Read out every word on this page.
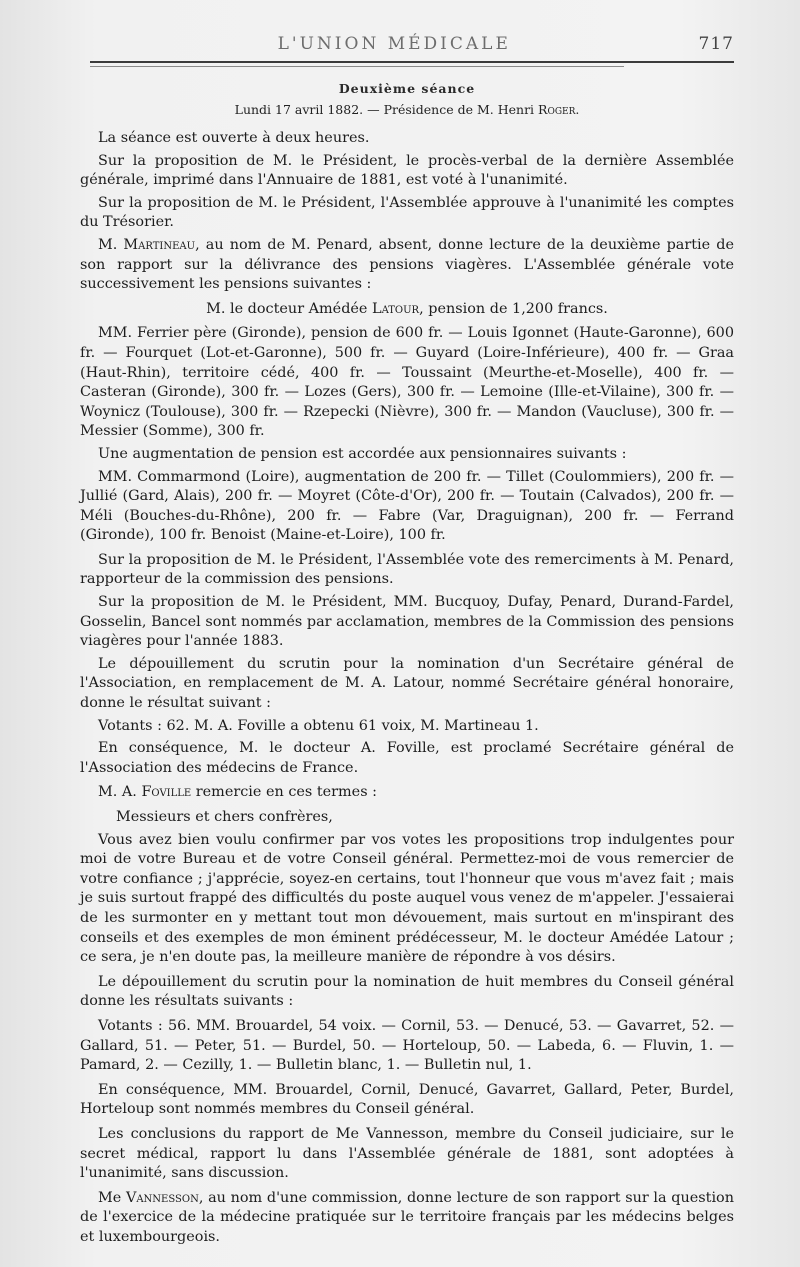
L'UNION MÉDICALE	717
Deuxième séance
Lundi 17 avril 1882. — Présidence de M. Henri Roger.

La séance est ouverte à deux heures.

Sur la proposition de M. le Président, le procès-verbal de la dernière Assemblée générale, imprimé dans l'Annuaire de 1881, est voté à l'unanimité.

Sur la proposition de M. le Président, l'Assemblée approuve à l'unanimité les comptes du Trésorier.

M. Martineau, au nom de M. Penard, absent, donne lecture de la deuxième partie de son rapport sur la délivrance des pensions viagères. L'Assemblée générale vote successivement les pensions suivantes :

M. le docteur Amédée Latour, pension de 1,200 francs.

MM. Ferrier père (Gironde), pension de 600 fr. — Louis Igonnet (Haute-Garonne), 600 fr. — Fourquet (Lot-et-Garonne), 500 fr. — Guyard (Loire-Inférieure), 400 fr. — Graa (Haut-Rhin), territoire cédé, 400 fr. — Toussaint (Meurthe-et-Moselle), 400 fr. — Casteran (Gironde), 300 fr. — Lozes (Gers), 300 fr. — Lemoine (Ille-et-Vilaine), 300 fr. — Woynicz (Toulouse), 300 fr. — Rzepecki (Nièvre), 300 fr. — Mandon (Vaucluse), 300 fr. — Messier (Somme), 300 fr.

Une augmentation de pension est accordée aux pensionnaires suivants :

MM. Commarmond (Loire), augmentation de 200 fr. — Tillet (Coulommiers), 200 fr. — Jullié (Gard, Alais), 200 fr. — Moyret (Côte-d'Or), 200 fr. — Toutain (Calvados), 200 fr. — Méli (Bouches-du-Rhône), 200 fr. — Fabre (Var, Draguignan), 200 fr. — Ferrand (Gironde), 100 fr. Benoist (Maine-et-Loire), 100 fr.

Sur la proposition de M. le Président, l'Assemblée vote des remerciments à M. Penard, rapporteur de la commission des pensions.

Sur la proposition de M. le Président, MM. Bucquoy, Dufay, Penard, Durand-Fardel, Gosselin, Bancel sont nommés par acclamation, membres de la Commission des pensions viagères pour l'année 1883.

Le dépouillement du scrutin pour la nomination d'un Secrétaire général de l'Association, en remplacement de M. A. Latour, nommé Secrétaire général honoraire, donne le résultat suivant :

Votants : 62. M. A. Foville a obtenu 61 voix, M. Martineau 1.

En conséquence, M. le docteur A. Foville, est proclamé Secrétaire général de l'Association des médecins de France.

M. A. Foville remercie en ces termes :

Messieurs et chers confrères,

Vous avez bien voulu confirmer par vos votes les propositions trop indulgentes pour moi de votre Bureau et de votre Conseil général. Permettez-moi de vous remercier de votre confiance ; j'apprécie, soyez-en certains, tout l'honneur que vous m'avez fait ; mais je suis surtout frappé des difficultés du poste auquel vous venez de m'appeler. J'essaierai de les surmonter en y mettant tout mon dévouement, mais surtout en m'inspirant des conseils et des exemples de mon éminent prédécesseur, M. le docteur Amédée Latour ; ce sera, je n'en doute pas, la meilleure manière de répondre à vos désirs.

Le dépouillement du scrutin pour la nomination de huit membres du Conseil général donne les résultats suivants :

Votants : 56. MM. Brouardel, 54 voix. — Cornil, 53. — Denucé, 53. — Gavarret, 52. — Gallard, 51. — Peter, 51. — Burdel, 50. — Horteloup, 50. — Labeda, 6. — Fluvin, 1. — Pamard, 2. — Cezilly, 1. — Bulletin blanc, 1. — Bulletin nul, 1.

En conséquence, MM. Brouardel, Cornil, Denucé, Gavarret, Gallard, Peter, Burdel, Horteloup sont nommés membres du Conseil général.

Les conclusions du rapport de Me Vannesson, membre du Conseil judiciaire, sur le secret médical, rapport lu dans l'Assemblée générale de 1881, sont adoptées à l'unanimité, sans discussion.

Me Vannesson, au nom d'une commission, donne lecture de son rapport sur la question de l'exercice de la médecine pratiquée sur le territoire français par les médecins belges et luxembourgeois.
